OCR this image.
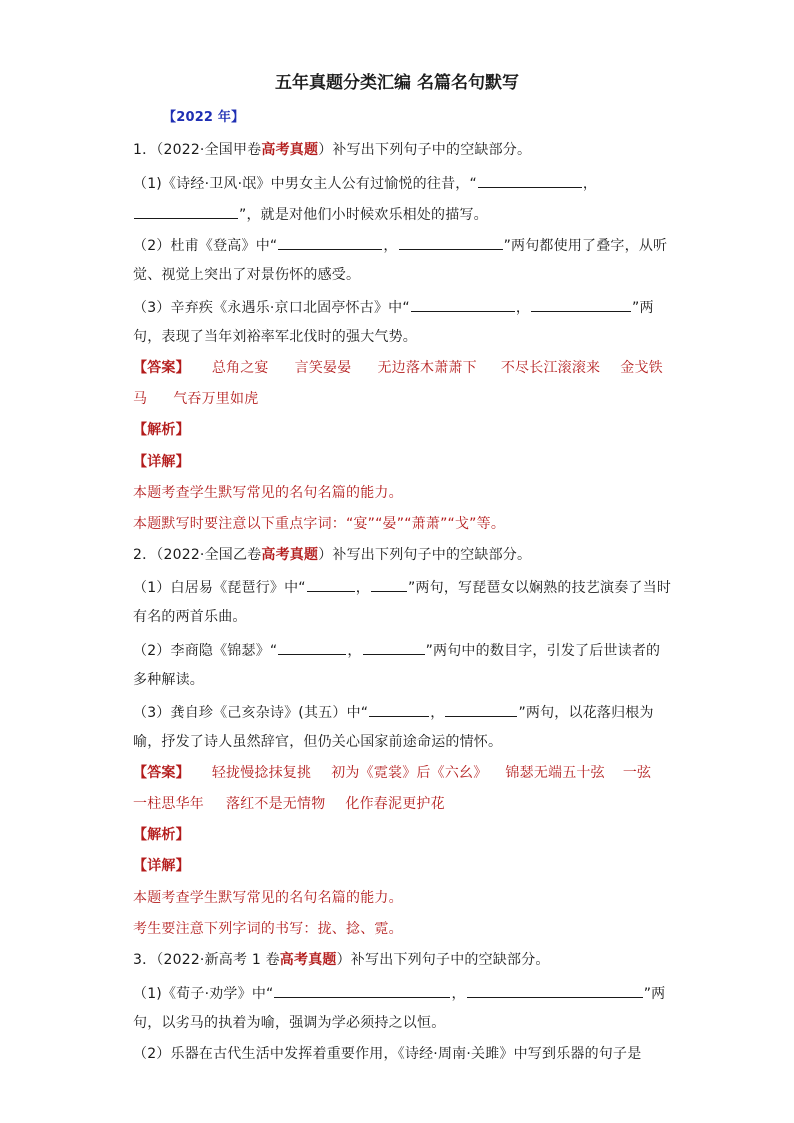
五年真题分类汇编 名篇名句默写
【2022 年】
1．（2022·全国甲卷高考真题）补写出下列句子中的空缺部分。
（1)《诗经·卫风·氓》中男女主人公有过愉悦的往昔，“	，
”，就是对他们小时候欢乐相处的描写。
（2）杜甫《登高》中“	，	”两句都使用了叠字，从听
觉、视觉上突出了对景伤怀的感受。
（3）辛弃疾《永遇乐·京口北固亭怀古》中“	，	”两
句，表现了当年刘裕率军北伐时的强大气势。
【答案】 总角之宴 言笑晏晏 无边落木萧萧下 不尽长江滚滚来 金戈铁
马 气吞万里如虎
【解析】
【详解】
本题考查学生默写常见的名句名篇的能力。
本题默写时要注意以下重点字词：“宴”“晏”“萧萧”“戈”等。
2．（2022·全国乙卷高考真题）补写出下列句子中的空缺部分。
（1）白居易《琵琶行》中“	，	”两句，写琵琶女以娴熟的技艺演奏了当时
有名的两首乐曲。
（2）李商隐《锦瑟》“	，	”两句中的数目字，引发了后世读者的
多种解读。
（3）龚自珍《己亥杂诗》(其五）中“	，	”两句，以花落归根为
喻，抒发了诗人虽然辞官，但仍关心国家前途命运的情怀。
【答案】 轻拢慢捻抹复挑 初为《霓裳》后《六幺》 锦瑟无端五十弦 一弦
一柱思华年 落红不是无情物 化作春泥更护花
【解析】
【详解】
本题考查学生默写常见的名句名篇的能力。
考生要注意下列字词的书写：拢、捻、霓。
3．（2022·新高考 1 卷高考真题）补写出下列句子中的空缺部分。
（1)《荀子·劝学》中“	，	”两
句，以劣马的执着为喻，强调为学必须持之以恒。
（2）乐器在古代生活中发挥着重要作用，《诗经·周南·关雎》中写到乐器的句子是
